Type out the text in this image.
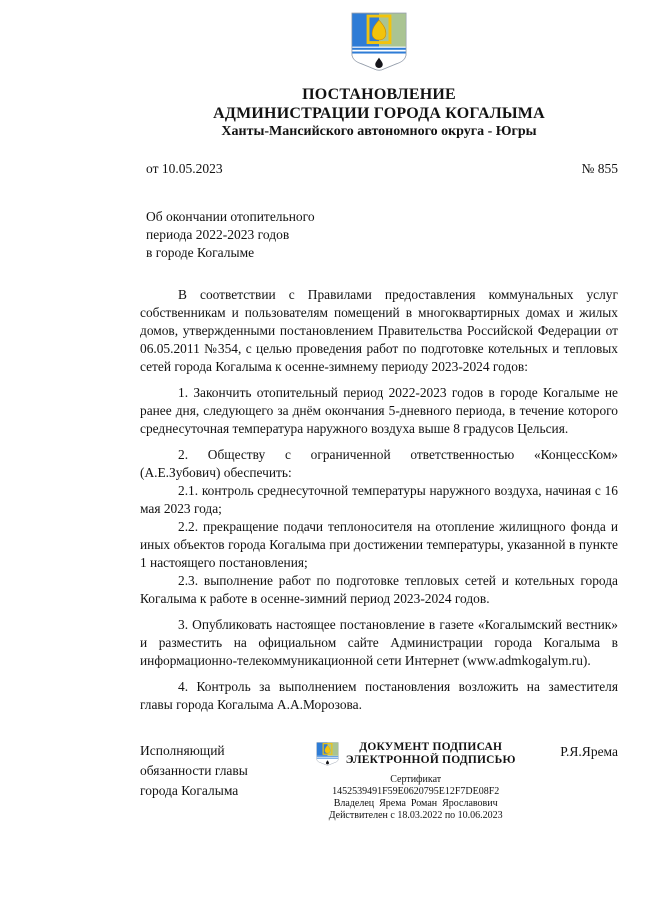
ПОСТАНОВЛЕНИЕ
АДМИНИСТРАЦИИ ГОРОДА КОГАЛЫМА
Ханты-Мансийского автономного округа - Югры
от 10.05.2023	№ 855
Об окончании отопительного
периода 2022-2023 годов
в городе Когалыме

В соответствии с Правилами предоставления коммунальных услуг собственникам и пользователям помещений в многоквартирных домах и жилых домов, утвержденными постановлением Правительства Российской Федерации от 06.05.2011 №354, с целью проведения работ по подготовке котельных и тепловых сетей города Когалыма к осенне-зимнему периоду 2023-2024 годов:

1. Закончить отопительный период 2022-2023 годов в городе Когалыме не ранее дня, следующего за днём окончания 5-дневного периода, в течение которого среднесуточная температура наружного воздуха выше 8 градусов Цельсия.

2. Обществу с ограниченной ответственностью «КонцессКом» (А.Е.Зубович) обеспечить:

2.1. контроль среднесуточной температуры наружного воздуха, начиная с 16 мая 2023 года;

2.2. прекращение подачи теплоносителя на отопление жилищного фонда и иных объектов города Когалыма при достижении температуры, указанной в пункте 1 настоящего постановления;

2.3. выполнение работ по подготовке тепловых сетей и котельных города Когалыма к работе в осенне-зимний период 2023-2024 годов.

3. Опубликовать настоящее постановление в газете «Когалымский вестник» и разместить на официальном сайте Администрации города Когалыма в информационно-телекоммуникационной сети Интернет (www.admkogalym.ru).

4. Контроль за выполнением постановления возложить на заместителя главы города Когалыма А.А.Морозова.

Исполняющий
обязанности главы
города Когалыма
ДОКУМЕНТ ПОДПИСАН
ЭЛЕКТРОННОЙ ПОДПИСЬЮ
Сертификат
1452539491F59E0620795E12F7DE08F2
Владелец  Ярема  Роман  Ярославович
Действителен с 18.03.2022 по 10.06.2023
Р.Я.Ярема
